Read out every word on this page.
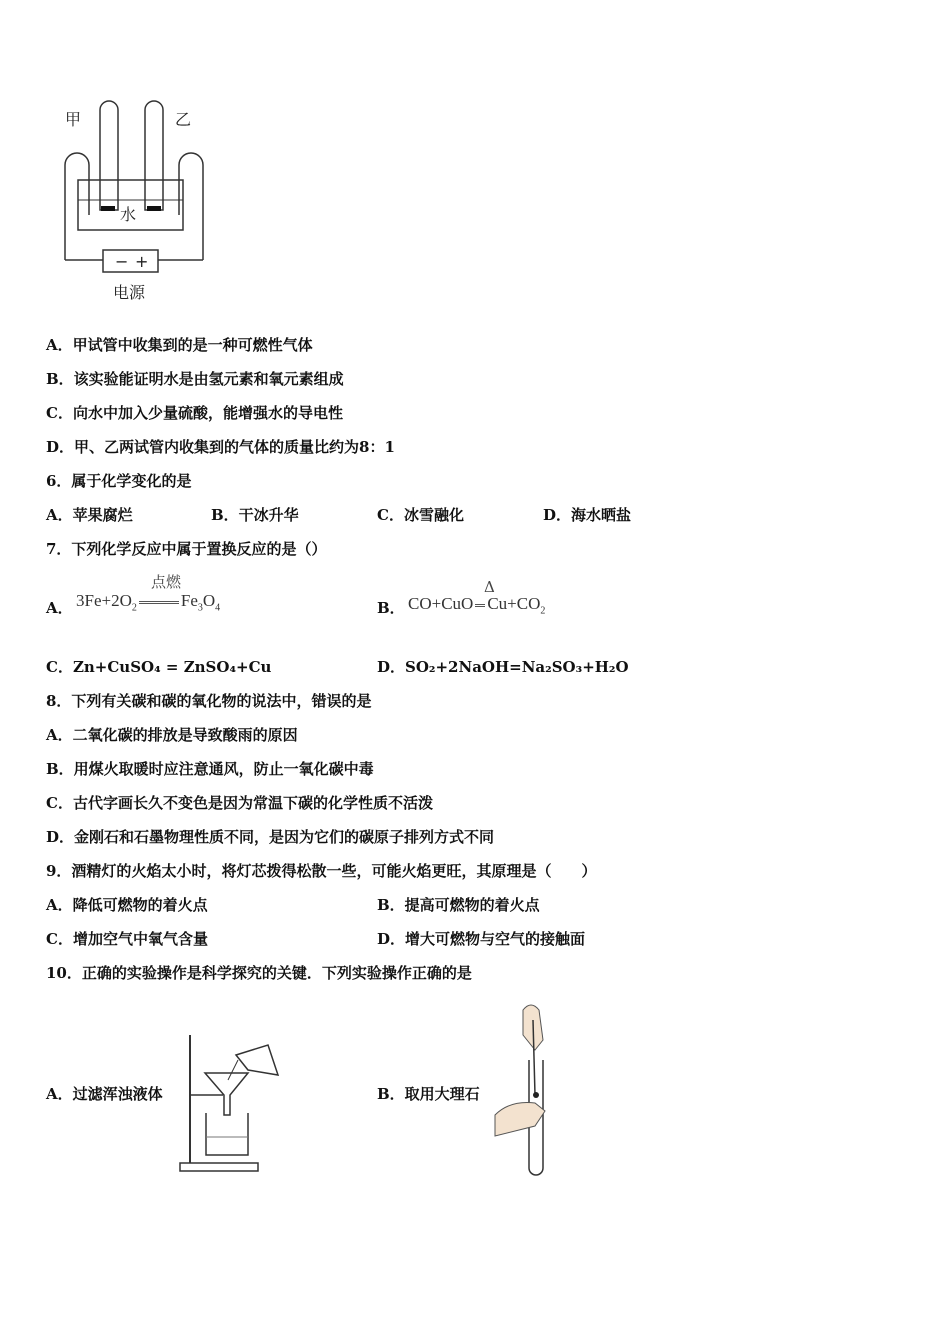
甲	乙
水
− +
电源
A．甲试管中收集到的是一种可燃性气体
B．该实验能证明水是由氢元素和氧元素组成
C．向水中加入少量硫酸，能增强水的导电性
D．甲、乙两试管内收集到的气体的质量比约为8：1
6．属于化学变化的是
A．苹果腐烂	B．干冰升华	C．冰雪融化	D．海水晒盐
7．下列化学反应中属于置换反应的是（）
A． $3Fe+2O_2$	$Fe_3O_4$
点燃
B． CO+CuO $Cu+CO_2$
Δ
C．Zn+CuSO₄ = ZnSO₄+Cu	D．SO₂+2NaOH=Na₂SO₃+H₂O
8．下列有关碳和碳的氧化物的说法中，错误的是
A．二氧化碳的排放是导致酸雨的原因
B．用煤火取暖时应注意通风，防止一氧化碳中毒
C．古代字画长久不变色是因为常温下碳的化学性质不活泼
D．金刚石和石墨物理性质不同，是因为它们的碳原子排列方式不同
9．酒精灯的火焰太小时，将灯芯拨得松散一些，可能火焰更旺，其原理是（　　）
A．降低可燃物的着火点	B．提高可燃物的着火点
C．增加空气中氧气含量	D．增大可燃物与空气的接触面
10．正确的实验操作是科学探究的关键．下列实验操作正确的是
A．过滤浑浊液体	B．取用大理石
